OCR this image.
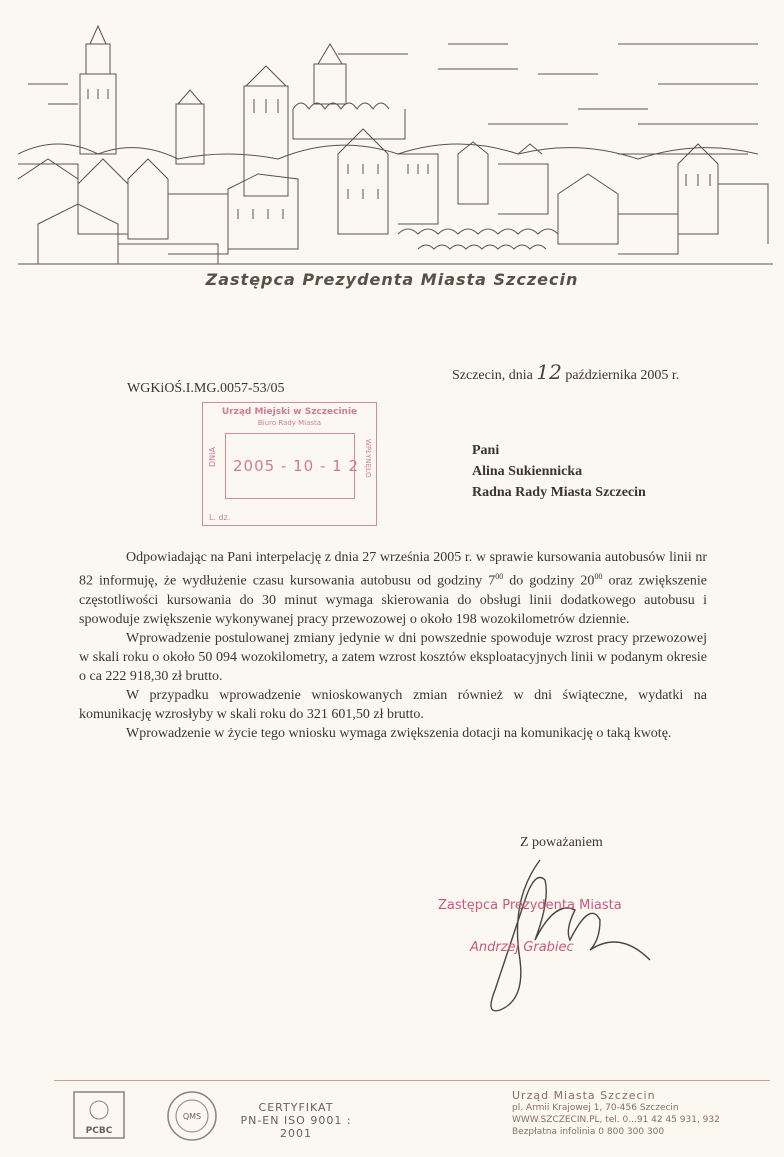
Zastępca Prezydenta Miasta Szczecin
Szczecin, dnia 12 października 2005 r.
WGKiOŚ.I.MG.0057-53/05
Urząd Miejski w Szczecinie
Biuro Rady Miasta
DNIA	WPŁYNĘŁO
2005 - 10 - 1 2
L. dz.
Pani
Alina Sukiennicka
Radna Rady Miasta Szczecin

Odpowiadając na Pani interpelację z dnia 27 września 2005 r. w sprawie kursowania autobusów linii nr 82 informuję, że wydłużenie czasu kursowania autobusu od godziny $7^{00}$ do godziny $20^{00}$ oraz zwiększenie częstotliwości kursowania do 30 minut wymaga skierowania do obsługi linii dodatkowego autobusu i spowoduje zwiększenie wykonywanej pracy przewozowej o około 198 wozokilometrów dziennie.

Wprowadzenie postulowanej zmiany jedynie w dni powszednie spowoduje wzrost pracy przewozowej w skali roku o około 50 094 wozokilometry, a zatem wzrost kosztów eksploatacyjnych linii w podanym okresie o ca 222 918,30 zł brutto.

W przypadku wprowadzenie wnioskowanych zmian również w dni świąteczne, wydatki na komunikację wzrosłyby w skali roku do 321 601,50 zł brutto.

Wprowadzenie w życie tego wniosku wymaga zwiększenia dotacji na komunikację o taką kwotę.

Z poważaniem
Zastępca Prezydenta Miasta
Andrzej Grabiec
PCBC
QMS
CERTYFIKAT
PN-EN ISO 9001 : 2001
Urząd Miasta Szczecin
pl. Armii Krajowej 1, 70-456 Szczecin
WWW.SZCZECIN.PL, tel. 0...91 42 45 931, 932
Bezpłatna infolinia 0 800 300 300
